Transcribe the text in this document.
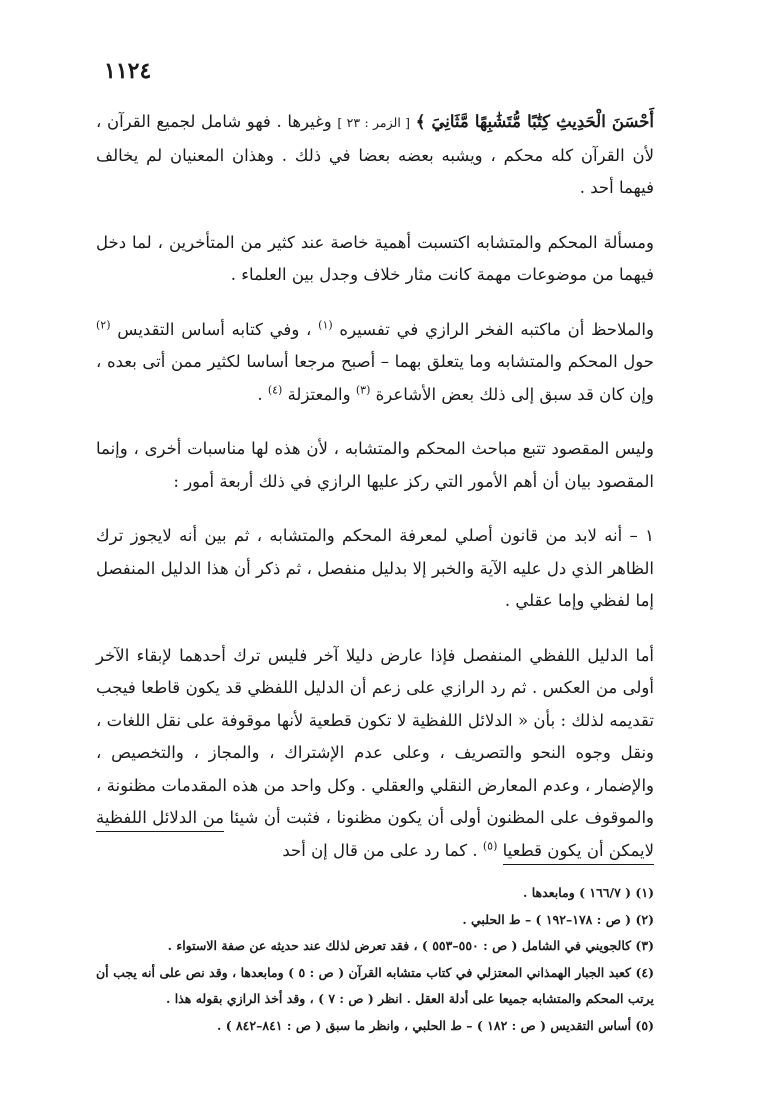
١١٢٤

أَحْسَنَ الْحَدِيثِ كِتَٰبًا مُّتَشَٰبِهًا مَّثَانِيَ ﴾ [ الزمر : ٢٣ ] وغيرها . فهو شامل لجميع القرآن ، لأن القرآن كله محكم ، ويشبه بعضه بعضا في ذلك . وهذان المعنيان لم يخالف فيهما أحد .

ومسألة المحكم والمتشابه اكتسبت أهمية خاصة عند كثير من المتأخرين ، لما دخل فيهما من موضوعات مهمة كانت مثار خلاف وجدل بين العلماء .

والملاحظ أن ماكتبه الفخر الرازي في تفسيره $^{(١)}$ ، وفي كتابه أساس التقديس $^{(٢)}$ حول المحكم والمتشابه وما يتعلق بهما – أصبح مرجعا أساسا لكثير ممن أتى بعده ، وإن كان قد سبق إلى ذلك بعض الأشاعرة $^{(٣)}$ والمعتزلة $^{(٤)}$ .

وليس المقصود تتبع مباحث المحكم والمتشابه ، لأن هذه لها مناسبات أخرى ، وإنما المقصود بيان أن أهم الأمور التي ركز عليها الرازي في ذلك أربعة أمور :

١ – أنه لابد من قانون أصلي لمعرفة المحكم والمتشابه ، ثم بين أنه لايجوز ترك الظاهر الذي دل عليه الآية والخبر إلا بدليل منفصل ، ثم ذكر أن هذا الدليل المنفصل إما لفظي وإما عقلي .

أما الدليل اللفظي المنفصل فإذا عارض دليلا آخر فليس ترك أحدهما لإبقاء الآخر أولى من العكس . ثم رد الرازي على زعم أن الدليل اللفظي قد يكون قاطعا فيجب تقديمه لذلك : بأن « الدلائل اللفظية لا تكون قطعية لأنها موقوفة على نقل اللغات ، ونقل وجوه النحو والتصريف ، وعلى عدم الإشتراك ، والمجاز ، والتخصيص ، والإضمار ، وعدم المعارض النقلي والعقلي . وكل واحد من هذه المقدمات مظنونة ، والموقوف على المظنون أولى أن يكون مظنونا ، فثبت أن شيئا من الدلائل اللفظية لايمكن أن يكون قطعيا $^{(٥)}$ . كما رد على من قال إن أحد

(١) ( ١٦٦/٧ ) ومابعدها .

(٢) ( ص : ١٧٨–١٩٢ ) – ط الحلبي .

(٣) كالجويني في الشامل ( ص : ٥٥٠–٥٥٣ ) ، فقد تعرض لذلك عند حديثه عن صفة الاستواء .

(٤) كعبد الجبار الهمذاني المعتزلي في كتاب متشابه القرآن ( ص : ٥ ) ومابعدها ، وقد نص على أنه يجب أن يرتب المحكم والمتشابه جميعا على أدلة العقل . انظر ( ص : ٧ ) ، وقد أخذ الرازي بقوله هذا .

(٥) أساس التقديس ( ص : ١٨٢ ) – ط الحلبي ، وانظر ما سبق ( ص : ٨٤١–٨٤٢ ) .
